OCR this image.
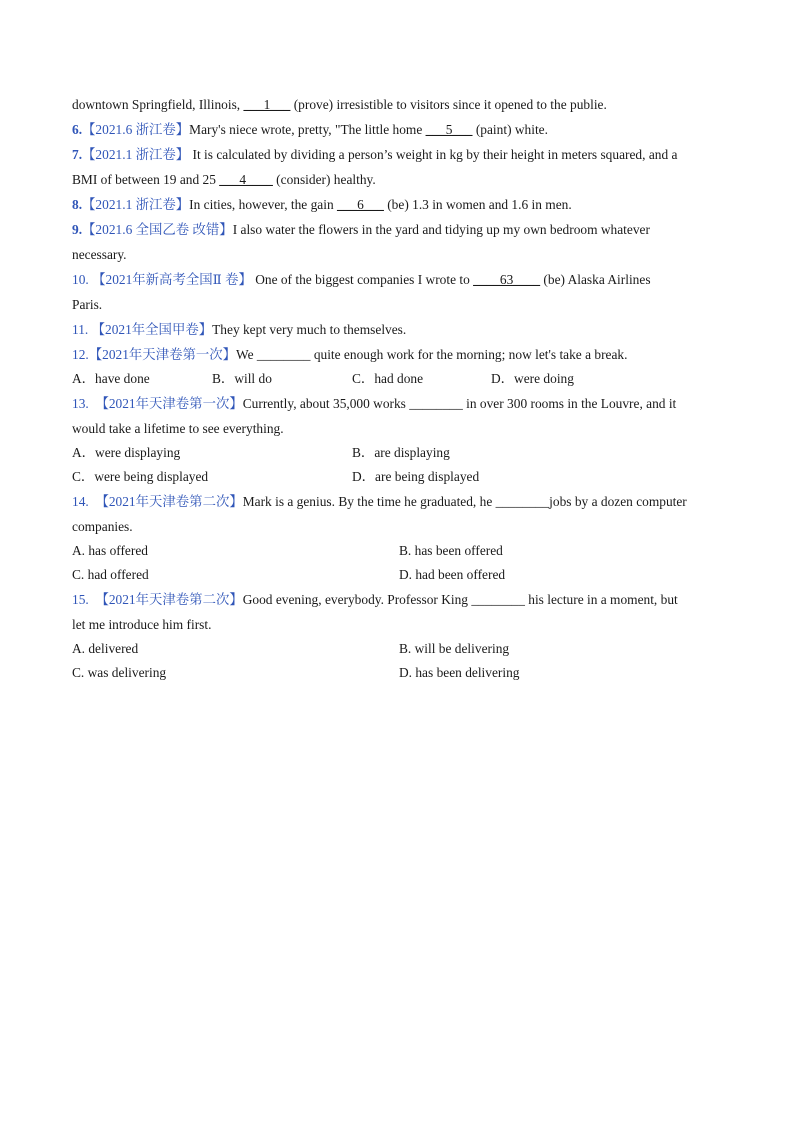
downtown Springfield, Illinois, ___1___ (prove) irresistible to visitors since it opened to the publie.
6.【2021.6 浙江卷】Mary's niece wrote, pretty, "The little home ___5___ (paint) white.
7.【2021.1 浙江卷】 It is calculated by dividing a person’s weight in kg by their height in meters squared, and a
BMI of between 19 and 25 ___4____ (consider) healthy.
8.【2021.1 浙江卷】In cities, however, the gain ___6___ (be) 1.3 in women and 1.6 in men.
9.【2021.6 全国乙卷 改错】I also water the flowers in the yard and tidying up my own bedroom whatever
necessary.
10. 【2021年新高考全国Ⅱ 卷】 One of the biggest companies I wrote to ____63____ (be) Alaska Airlines
Paris.
11. 【2021年全国甲卷】They kept very much to themselves.
12.【2021年天津卷第一次】We ________ quite enough work for the morning; now let's take a break.
A．have done	B．will do	C．had done	D．were doing
13. 【2021年天津卷第一次】Currently, about 35,000 works ________ in over 300 rooms in the Louvre, and it
would take a lifetime to see everything.
A．were displaying	B．are displaying
C．were being displayed	D．are being displayed
14. 【2021年天津卷第二次】Mark is a genius. By the time he graduated, he ________jobs by a dozen computer
companies.
A. has offered	B. has been offered
C. had offered	D. had been offered
15. 【2021年天津卷第二次】Good evening, everybody. Professor King ________ his lecture in a moment, but
let me introduce him first.
A. delivered	B. will be delivering
C. was delivering	D. has been delivering
